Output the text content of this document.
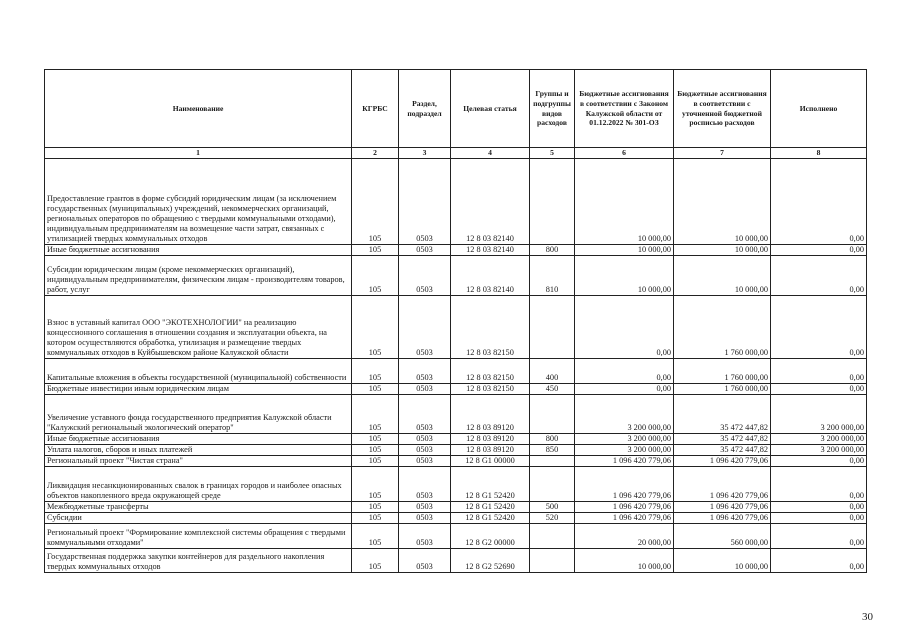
Наименование	КГРБС	Раздел, подраздел	Целевая статья	Группы и подгруппы видов расходов	Бюджетные ассигнования в соответствии с Законом Калужской области от 01.12.2022 № 301-ОЗ	Бюджетные ассигнования в соответствии с уточненной бюджетной росписью расходов	Исполнено
1	2	3	4	5	6	7	8
Предоставление грантов в форме субсидий юридическим лицам (за исключением государственных (муниципальных) учреждений, некоммерческих организаций, региональных операторов по обращению с твердыми коммунальными отходами), индивидуальным предпринимателям на возмещение части затрат, связанных с утилизацией твердых коммунальных отходов	105	0503	12 8 03 82140		10 000,00	10 000,00	0,00
Иные бюджетные ассигнования	105	0503	12 8 03 82140	800	10 000,00	10 000,00	0,00
Субсидии юридическим лицам (кроме некоммерческих организаций), индивидуальным предпринимателям, физическим лицам - производителям товаров, работ, услуг	105	0503	12 8 03 82140	810	10 000,00	10 000,00	0,00
Взнос в уставный капитал ООО "ЭКОТЕХНОЛОГИИ" на реализацию концессионного соглашения в отношении создания и эксплуатации объекта, на котором осуществляются обработка, утилизация и размещение твердых коммунальных отходов в Куйбышевском районе Калужской области	105	0503	12 8 03 82150		0,00	1 760 000,00	0,00
Капитальные вложения в объекты государственной (муниципальной) собственности	105	0503	12 8 03 82150	400	0,00	1 760 000,00	0,00
Бюджетные инвестиции иным юридическим лицам	105	0503	12 8 03 82150	450	0,00	1 760 000,00	0,00
Увеличение уставного фонда государственного предприятия Калужской области "Калужский региональный экологический оператор"	105	0503	12 8 03 89120		3 200 000,00	35 472 447,82	3 200 000,00
Иные бюджетные ассигнования	105	0503	12 8 03 89120	800	3 200 000,00	35 472 447,82	3 200 000,00
Уплата налогов, сборов и иных платежей	105	0503	12 8 03 89120	850	3 200 000,00	35 472 447,82	3 200 000,00
Региональный проект "Чистая страна"	105	0503	12 8 G1 00000		1 096 420 779,06	1 096 420 779,06	0,00
Ликвидация несанкционированных свалок в границах городов и наиболее опасных объектов накопленного вреда окружающей среде	105	0503	12 8 G1 52420		1 096 420 779,06	1 096 420 779,06	0,00
Межбюджетные трансферты	105	0503	12 8 G1 52420	500	1 096 420 779,06	1 096 420 779,06	0,00
Субсидии	105	0503	12 8 G1 52420	520	1 096 420 779,06	1 096 420 779,06	0,00
Региональный проект "Формирование комплексной системы обращения с твердыми коммунальными отходами"	105	0503	12 8 G2 00000		20 000,00	560 000,00	0,00
Государственная поддержка закупки контейнеров для раздельного накопления твердых коммунальных отходов	105	0503	12 8 G2 52690		10 000,00	10 000,00	0,00
30
